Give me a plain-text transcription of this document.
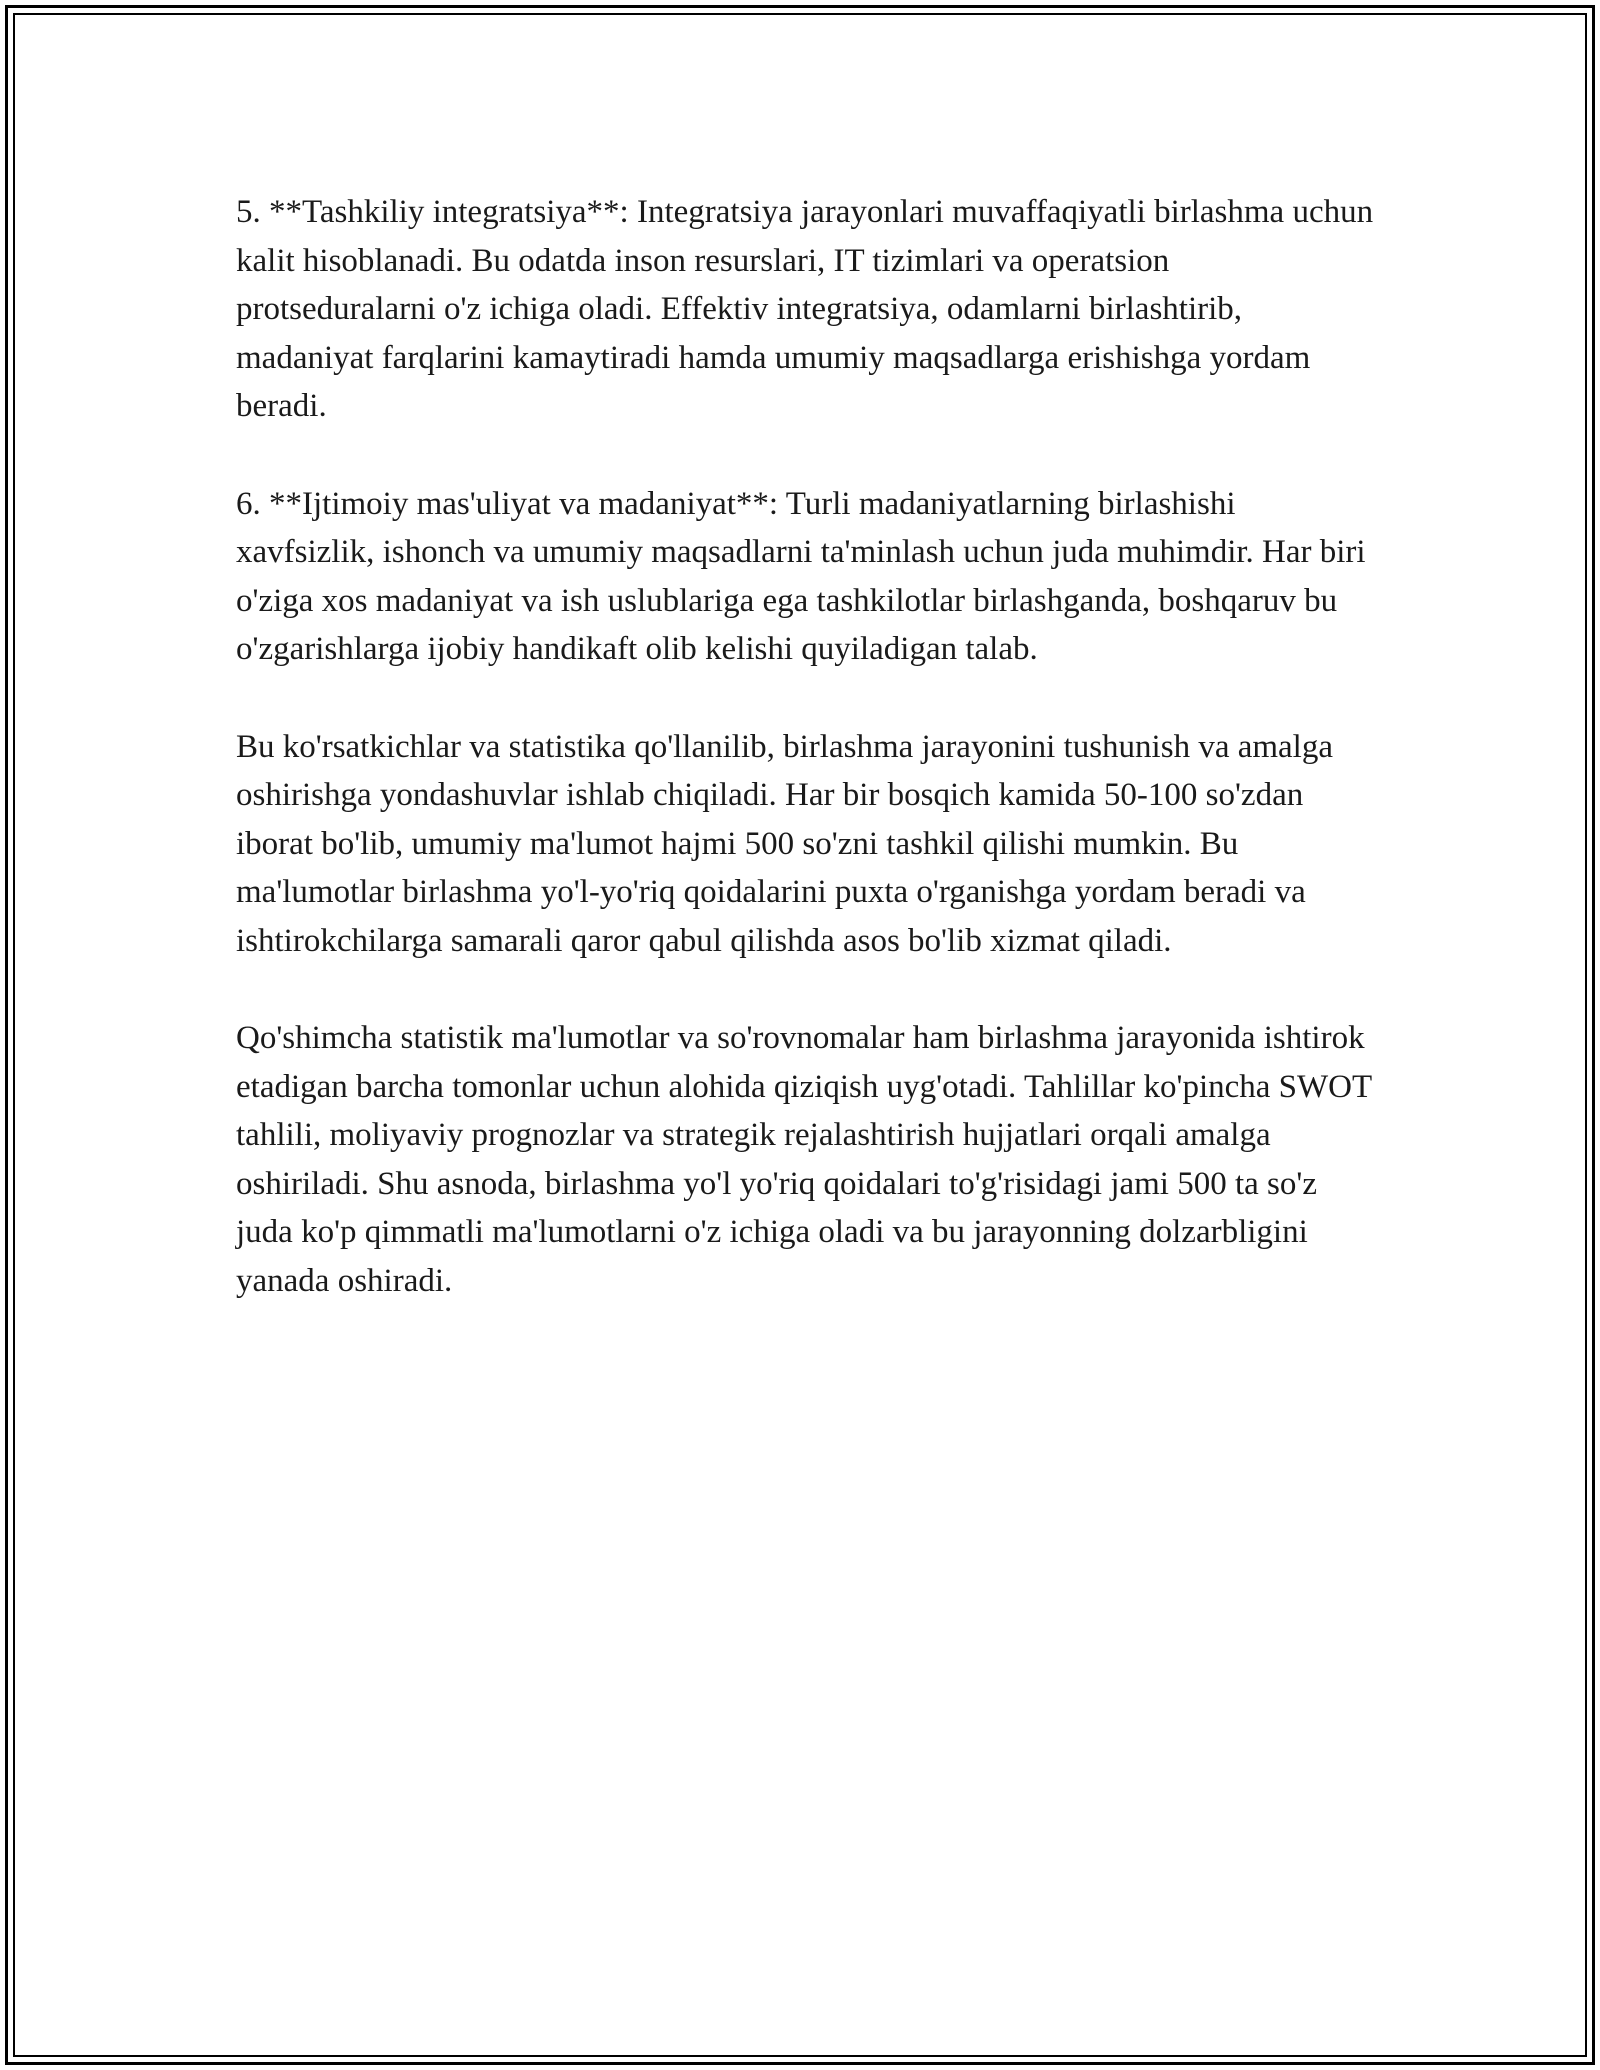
5. **Tashkiliy integratsiya**: Integratsiya jarayonlari muvaffaqiyatli birlashma uchun kalit hisoblanadi. Bu odatda inson resurslari, IT tizimlari va operatsion protseduralarni o'z ichiga oladi. Effektiv integratsiya, odamlarni birlashtirib, madaniyat farqlarini kamaytiradi hamda umumiy maqsadlarga erishishga yordam beradi.

6. **Ijtimoiy mas'uliyat va madaniyat**: Turli madaniyatlarning birlashishi xavfsizlik, ishonch va umumiy maqsadlarni ta'minlash uchun juda muhimdir. Har biri o'ziga xos madaniyat va ish uslublariga ega tashkilotlar birlashganda, boshqaruv bu o'zgarishlarga ijobiy handikaft olib kelishi quyiladigan talab.

Bu ko'rsatkichlar va statistika qo'llanilib, birlashma jarayonini tushunish va amalga oshirishga yondashuvlar ishlab chiqiladi. Har bir bosqich kamida 50-100 so'zdan iborat bo'lib, umumiy ma'lumot hajmi 500 so'zni tashkil qilishi mumkin. Bu ma'lumotlar birlashma yo'l-yo'riq qoidalarini puxta o'rganishga yordam beradi va ishtirokchilarga samarali qaror qabul qilishda asos bo'lib xizmat qiladi.

Qo'shimcha statistik ma'lumotlar va so'rovnomalar ham birlashma jarayonida ishtirok etadigan barcha tomonlar uchun alohida qiziqish uyg'otadi. Tahlillar ko'pincha SWOT tahlili, moliyaviy prognozlar va strategik rejalashtirish hujjatlari orqali amalga oshiriladi. Shu asnoda, birlashma yo'l yo'riq qoidalari to'g'risidagi jami 500 ta so'z juda ko'p qimmatli ma'lumotlarni o'z ichiga oladi va bu jarayonning dolzarbligini yanada oshiradi.
